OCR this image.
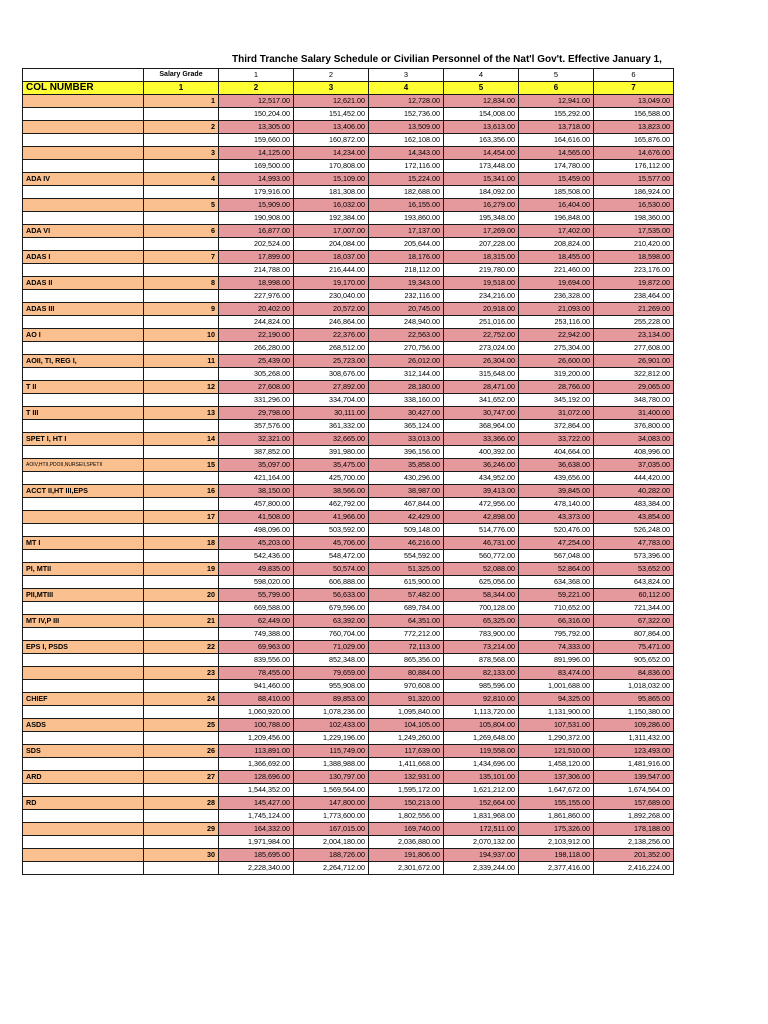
Third Tranche Salary Schedule or Civilian Personnel of the Nat'l Gov't. Effective January 1,
	Salary Grade	1	2	3	4	5	6
COL NUMBER	1	2	3	4	5	6	7
	1	12,517.00	12,621.00	12,728.00	12,834.00	12,941.00	13,049.00
		150,204.00	151,452.00	152,736.00	154,008.00	155,292.00	156,588.00
	2	13,305.00	13,406.00	13,509.00	13,613.00	13,718.00	13,823.00
		159,660.00	160,872.00	162,108.00	163,356.00	164,616.00	165,876.00
	3	14,125.00	14,234.00	14,343.00	14,454.00	14,565.00	14,676.00
		169,500.00	170,808.00	172,116.00	173,448.00	174,780.00	176,112.00
ADA IV	4	14,993.00	15,109.00	15,224.00	15,341.00	15,459.00	15,577.00
		179,916.00	181,308.00	182,688.00	184,092.00	185,508.00	186,924.00
	5	15,909.00	16,032.00	16,155.00	16,279.00	16,404.00	16,530.00
		190,908.00	192,384.00	193,860.00	195,348.00	196,848.00	198,360.00
ADA VI	6	16,877.00	17,007.00	17,137.00	17,269.00	17,402.00	17,535.00
		202,524.00	204,084.00	205,644.00	207,228.00	208,824.00	210,420.00
ADAS I	7	17,899.00	18,037.00	18,176.00	18,315.00	18,455.00	18,598.00
		214,788.00	216,444.00	218,112.00	219,780.00	221,460.00	223,176.00
ADAS II	8	18,998.00	19,170.00	19,343.00	19,518.00	19,694.00	19,872.00
		227,976.00	230,040.00	232,116.00	234,216.00	236,328.00	238,464.00
ADAS III	9	20,402.00	20,572.00	20,745.00	20,918.00	21,093.00	21,269.00
		244,824.00	246,864.00	248,940.00	251,016.00	253,116.00	255,228.00
AO I	10	22,190.00	22,376.00	22,563.00	22,752.00	22,942.00	23,134.00
		266,280.00	268,512.00	270,756.00	273,024.00	275,304.00	277,608.00
AOII, TI, REG I,	11	25,439.00	25,723.00	26,012.00	26,304.00	26,600.00	26,901.00
		305,268.00	308,676.00	312,144.00	315,648.00	319,200.00	322,812.00
T II	12	27,608.00	27,892.00	28,180.00	28,471.00	28,766.00	29,065.00
		331,296.00	334,704.00	338,160.00	341,652.00	345,192.00	348,780.00
T III	13	29,798.00	30,111.00	30,427.00	30,747.00	31,072.00	31,400.00
		357,576.00	361,332.00	365,124.00	368,964.00	372,864.00	376,800.00
SPET I, HT I	14	32,321.00	32,665.00	33,013.00	33,366.00	33,722.00	34,083.00
		387,852.00	391,980.00	396,156.00	400,392.00	404,664.00	408,996.00
AOIV,HTII,PDOII,NURSEII,SPETII	15	35,097.00	35,475.00	35,858.00	36,246.00	36,638.00	37,035.00
		421,164.00	425,700.00	430,296.00	434,952.00	439,656.00	444,420.00
ACCT II,HT III,EPS	16	38,150.00	38,566.00	38,987.00	39,413.00	39,845.00	40,282.00
		457,800.00	462,792.00	467,844.00	472,956.00	478,140.00	483,384.00
	17	41,508.00	41,966.00	42,429.00	42,898.00	43,373.00	43,854.00
		498,096.00	503,592.00	509,148.00	514,776.00	520,476.00	526,248.00
MT I	18	45,203.00	45,706.00	46,216.00	46,731.00	47,254.00	47,783.00
		542,436.00	548,472.00	554,592.00	560,772.00	567,048.00	573,396.00
PI, MTII	19	49,835.00	50,574.00	51,325.00	52,088.00	52,864.00	53,652.00
		598,020.00	606,888.00	615,900.00	625,056.00	634,368.00	643,824.00
PII,MTIII	20	55,799.00	56,633.00	57,482.00	58,344.00	59,221.00	60,112.00
		669,588.00	679,596.00	689,784.00	700,128.00	710,652.00	721,344.00
MT IV,P III	21	62,449.00	63,392.00	64,351.00	65,325.00	66,316.00	67,322.00
		749,388.00	760,704.00	772,212.00	783,900.00	795,792.00	807,864.00
EPS I, PSDS	22	69,963.00	71,029.00	72,113.00	73,214.00	74,333.00	75,471.00
		839,556.00	852,348.00	865,356.00	878,568.00	891,996.00	905,652.00
	23	78,455.00	79,659.00	80,884.00	82,133.00	83,474.00	84,836.00
		941,460.00	955,908.00	970,608.00	985,596.00	1,001,688.00	1,018,032.00
CHIEF	24	88,410.00	89,853.00	91,320.00	92,810.00	94,325.00	95,865.00
		1,060,920.00	1,078,236.00	1,095,840.00	1,113,720.00	1,131,900.00	1,150,380.00
ASDS	25	100,788.00	102,433.00	104,105.00	105,804.00	107,531.00	109,286.00
		1,209,456.00	1,229,196.00	1,249,260.00	1,269,648.00	1,290,372.00	1,311,432.00
SDS	26	113,891.00	115,749.00	117,639.00	119,558.00	121,510.00	123,493.00
		1,366,692.00	1,388,988.00	1,411,668.00	1,434,696.00	1,458,120.00	1,481,916.00
ARD	27	128,696.00	130,797.00	132,931.00	135,101.00	137,306.00	139,547.00
		1,544,352.00	1,569,564.00	1,595,172.00	1,621,212.00	1,647,672.00	1,674,564.00
RD	28	145,427.00	147,800.00	150,213.00	152,664.00	155,155.00	157,689.00
		1,745,124.00	1,773,600.00	1,802,556.00	1,831,968.00	1,861,860.00	1,892,268.00
	29	164,332.00	167,015.00	169,740.00	172,511.00	175,326.00	178,188.00
		1,971,984.00	2,004,180.00	2,036,880.00	2,070,132.00	2,103,912.00	2,138,256.00
	30	185,695.00	188,726.00	191,806.00	194,937.00	198,118.00	201,352.00
		2,228,340.00	2,264,712.00	2,301,672.00	2,339,244.00	2,377,416.00	2,416,224.00
